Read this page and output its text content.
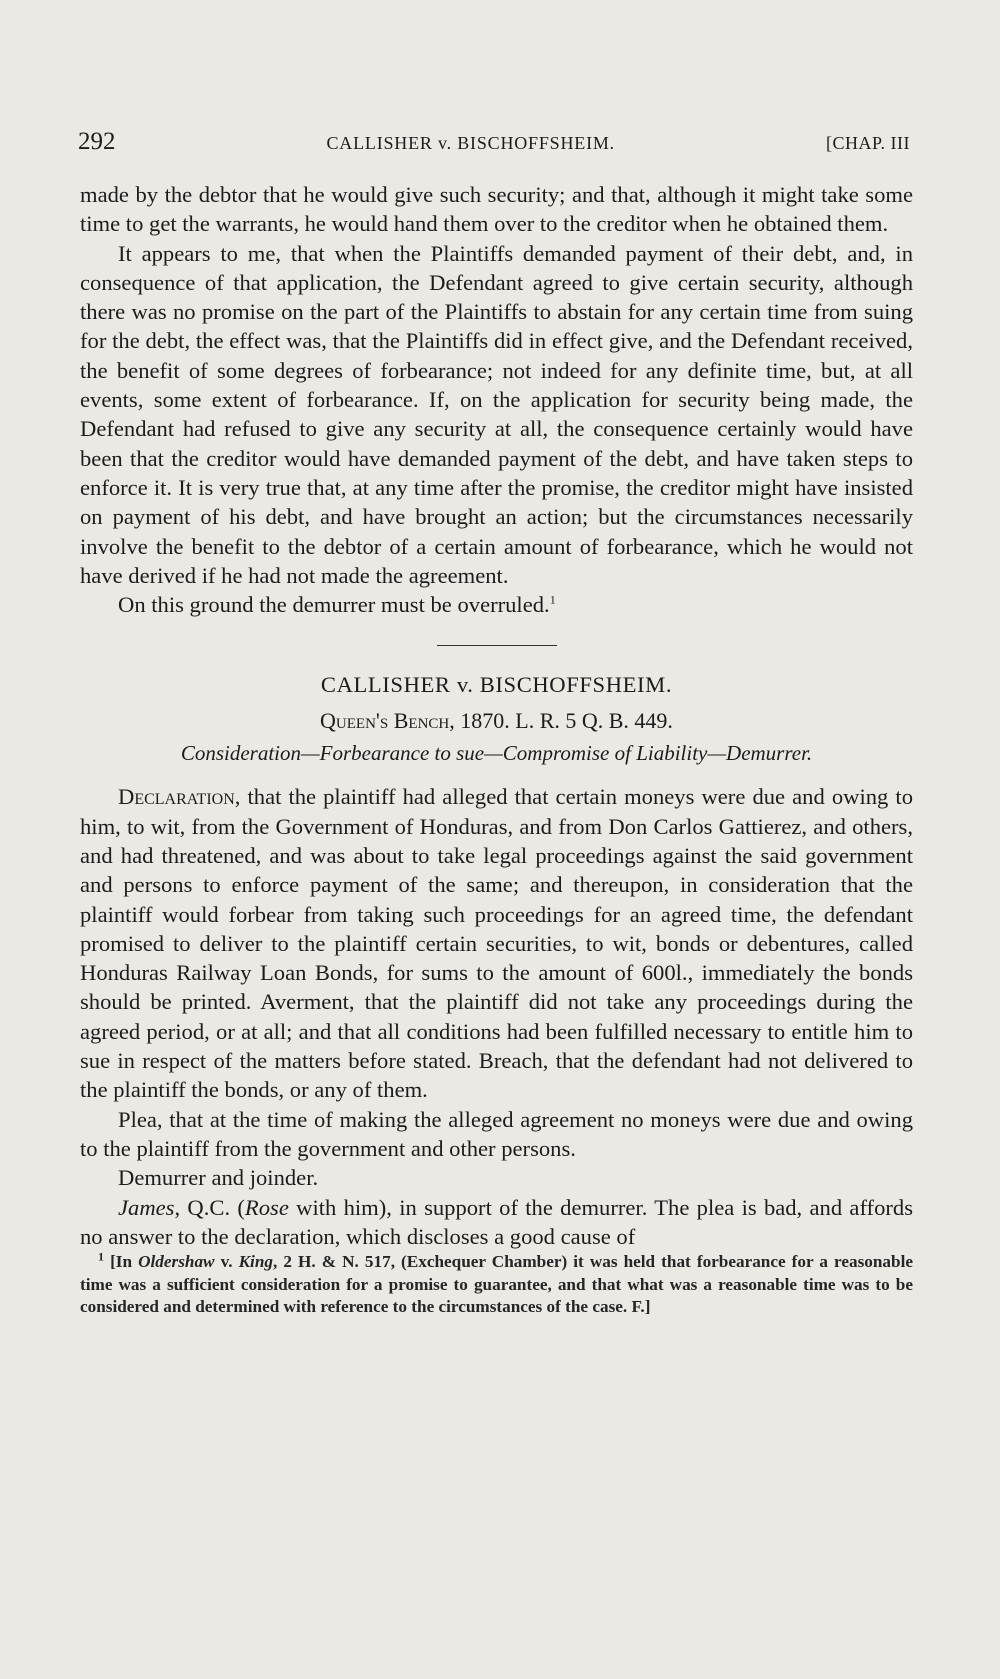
292	CALLISHER v. BISCHOFFSHEIM.	[CHAP. III

made by the debtor that he would give such security; and that, although it might take some time to get the warrants, he would hand them over to the creditor when he obtained them.

It appears to me, that when the Plaintiffs demanded payment of their debt, and, in consequence of that application, the Defendant agreed to give certain security, although there was no promise on the part of the Plaintiffs to abstain for any certain time from suing for the debt, the effect was, that the Plaintiffs did in effect give, and the Defendant received, the benefit of some degrees of forbearance; not indeed for any definite time, but, at all events, some extent of forbearance. If, on the application for security being made, the Defendant had refused to give any security at all, the consequence certainly would have been that the creditor would have demanded payment of the debt, and have taken steps to enforce it. It is very true that, at any time after the promise, the creditor might have insisted on payment of his debt, and have brought an action; but the circumstances necessarily involve the benefit to the debtor of a certain amount of forbearance, which he would not have derived if he had not made the agreement.

On this ground the demurrer must be overruled.$^1$

CALLISHER v. BISCHOFFSHEIM.
Queen's Bench, 1870. L. R. 5 Q. B. 449.
Consideration—Forbearance to sue—Compromise of Liability—Demurrer.

Declaration, that the plaintiff had alleged that certain moneys were due and owing to him, to wit, from the Government of Honduras, and from Don Carlos Gattierez, and others, and had threatened, and was about to take legal proceedings against the said government and persons to enforce payment of the same; and thereupon, in consideration that the plaintiff would forbear from taking such proceedings for an agreed time, the defendant promised to deliver to the plaintiff certain securities, to wit, bonds or debentures, called Honduras Railway Loan Bonds, for sums to the amount of 600l., immediately the bonds should be printed. Averment, that the plaintiff did not take any proceedings during the agreed period, or at all; and that all conditions had been fulfilled necessary to entitle him to sue in respect of the matters before stated. Breach, that the defendant had not delivered to the plaintiff the bonds, or any of them.

Plea, that at the time of making the alleged agreement no moneys were due and owing to the plaintiff from the government and other persons.

Demurrer and joinder.

James, Q.C. (Rose with him), in support of the demurrer. The plea is bad, and affords no answer to the declaration, which discloses a good cause of

$^1$ [In Oldershaw v. King, 2 H. & N. 517, (Exchequer Chamber) it was held that forbearance for a reasonable time was a sufficient consideration for a promise to guarantee, and that what was a reasonable time was to be considered and determined with reference to the circumstances of the case. F.]
